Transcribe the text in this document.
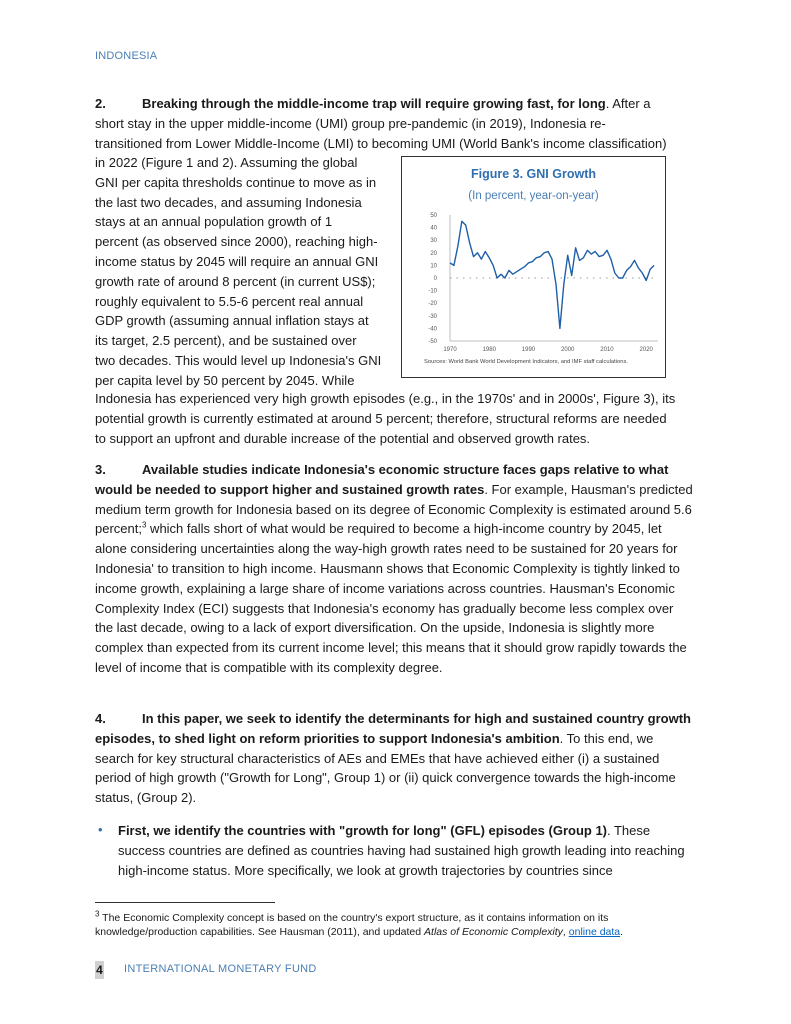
INDONESIA
2.	Breaking through the middle-income trap will require growing fast, for long. After a
short stay in the upper middle-income (UMI) group pre-pandemic (in 2019), Indonesia re-
transitioned from Lower Middle-Income (LMI) to becoming UMI (World Bank's income classification)
in 2022 (Figure 1 and 2). Assuming the global
GNI per capita thresholds continue to move as in
the last two decades, and assuming Indonesia
stays at an annual population growth of 1
percent (as observed since 2000), reaching high-
income status by 2045 will require an annual GNI
growth rate of around 8 percent (in current US$);
roughly equivalent to 5.5-6 percent real annual
GDP growth (assuming annual inflation stays at
its target, 2.5 percent), and be sustained over
two decades. This would level up Indonesia's GNI
per capita level by 50 percent by 2045. While
Indonesia has experienced very high growth episodes (e.g., in the 1970s' and in 2000s', Figure 3), its
potential growth is currently estimated at around 5 percent; therefore, structural reforms are needed
to support an upfront and durable increase of the potential and observed growth rates.
Figure 3. GNI Growth
(In percent, year-on-year)
50
40
30
20
10
0
-10
-20
-30
-40
-50
1970	1980	1990	2000	2010	2020
Sources: World Bank World Development Indicators, and IMF staff calculations.
3.	Available studies indicate Indonesia's economic structure faces gaps relative to what would be needed to support higher and sustained growth rates. For example, Hausman's predicted medium term growth for Indonesia based on its degree of Economic Complexity is estimated around 5.6 percent;$^3$ which falls short of what would be required to become a high-income country by 2045, let alone considering uncertainties along the way-high growth rates need to be sustained for 20 years for Indonesia' to transition to high income. Hausmann shows that Economic Complexity is tightly linked to income growth, explaining a large share of income variations across countries. Hausman's Economic Complexity Index (ECI) suggests that Indonesia's economy has gradually become less complex over the last decade, owing to a lack of export diversification. On the upside, Indonesia is slightly more complex than expected from its current income level; this means that it should grow rapidly towards the level of income that is compatible with its complexity degree.
4.	In this paper, we seek to identify the determinants for high and sustained country growth episodes, to shed light on reform priorities to support Indonesia's ambition. To this end, we search for key structural characteristics of AEs and EMEs that have achieved either (i) a sustained period of high growth ("Growth for Long", Group 1) or (ii) quick convergence towards the high-income status, (Group 2).
• First, we identify the countries with "growth for long" (GFL) episodes (Group 1). These success countries are defined as countries having had sustained high growth leading into reaching high-income status. More specifically, we look at growth trajectories by countries since
$^3$ The Economic Complexity concept is based on the country's export structure, as it contains information on its knowledge/production capabilities. See Hausman (2011), and updated Atlas of Economic Complexity, online data.
4 INTERNATIONAL MONETARY FUND
